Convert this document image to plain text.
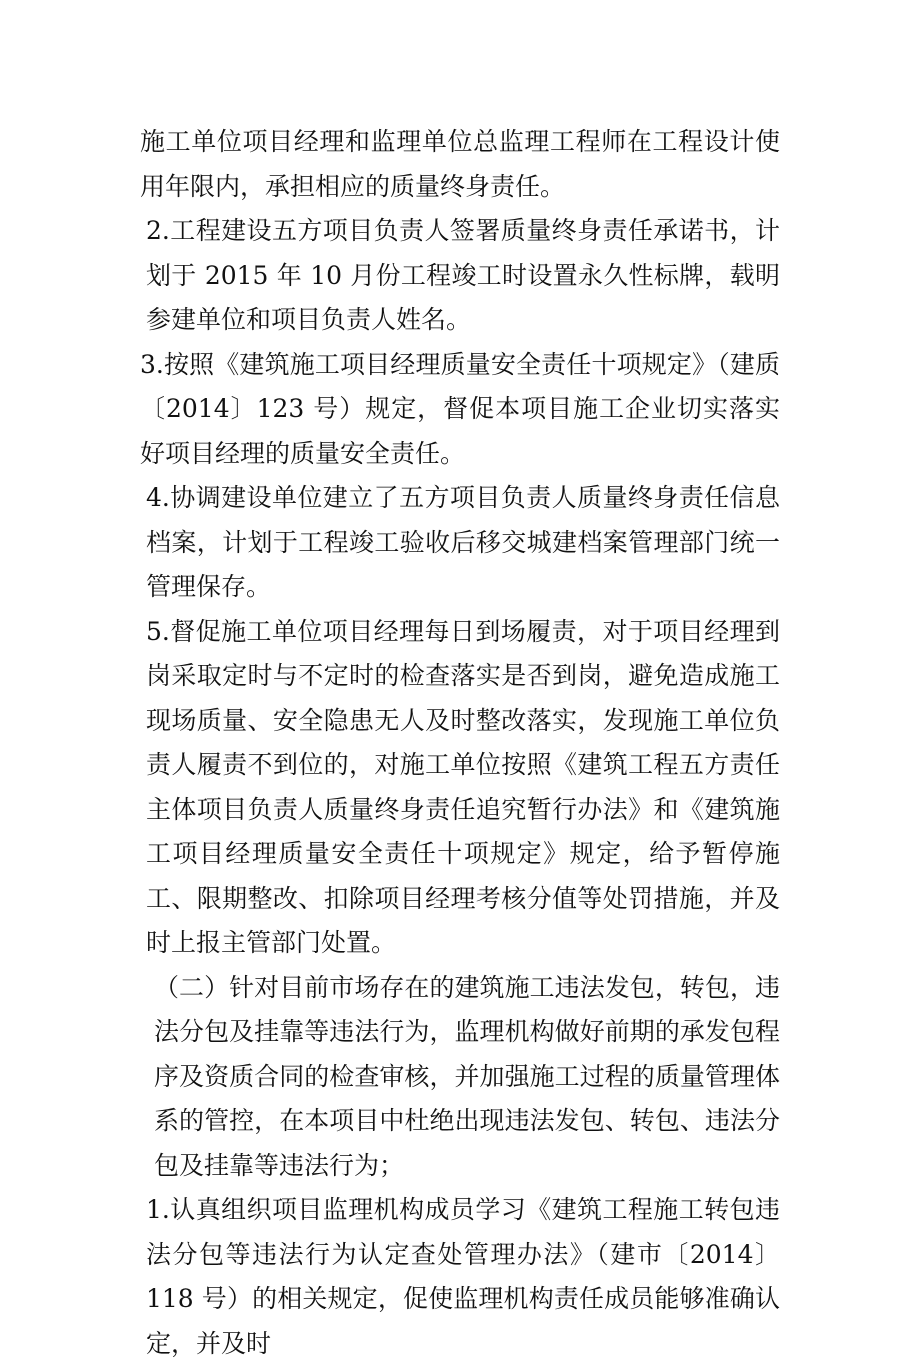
施工单位项目经理和监理单位总监理工程师在工程设计使用年限内，承担相应的质量终身责任。

2.工程建设五方项目负责人签署质量终身责任承诺书，计划于 2015 年 10 月份工程竣工时设置永久性标牌，载明参建单位和项目负责人姓名。

3.按照《建筑施工项目经理质量安全责任十项规定》（建质〔2014〕123 号）规定，督促本项目施工企业切实落实好项目经理的质量安全责任。

4.协调建设单位建立了五方项目负责人质量终身责任信息档案，计划于工程竣工验收后移交城建档案管理部门统一管理保存。

5.督促施工单位项目经理每日到场履责，对于项目经理到岗采取定时与不定时的检查落实是否到岗，避免造成施工现场质量、安全隐患无人及时整改落实，发现施工单位负责人履责不到位的，对施工单位按照《建筑工程五方责任主体项目负责人质量终身责任追究暂行办法》和《建筑施工项目经理质量安全责任十项规定》规定，给予暂停施工、限期整改、扣除项目经理考核分值等处罚措施，并及时上报主管部门处置。

（二）针对目前市场存在的建筑施工违法发包，转包，违法分包及挂靠等违法行为，监理机构做好前期的承发包程序及资质合同的检查审核，并加强施工过程的质量管理体系的管控，在本项目中杜绝出现违法发包、转包、违法分包及挂靠等违法行为；

1.认真组织项目监理机构成员学习《建筑工程施工转包违法分包等违法行为认定查处管理办法》（建市〔2014〕118 号）的相关规定，促使监理机构责任成员能够准确认定，并及时
